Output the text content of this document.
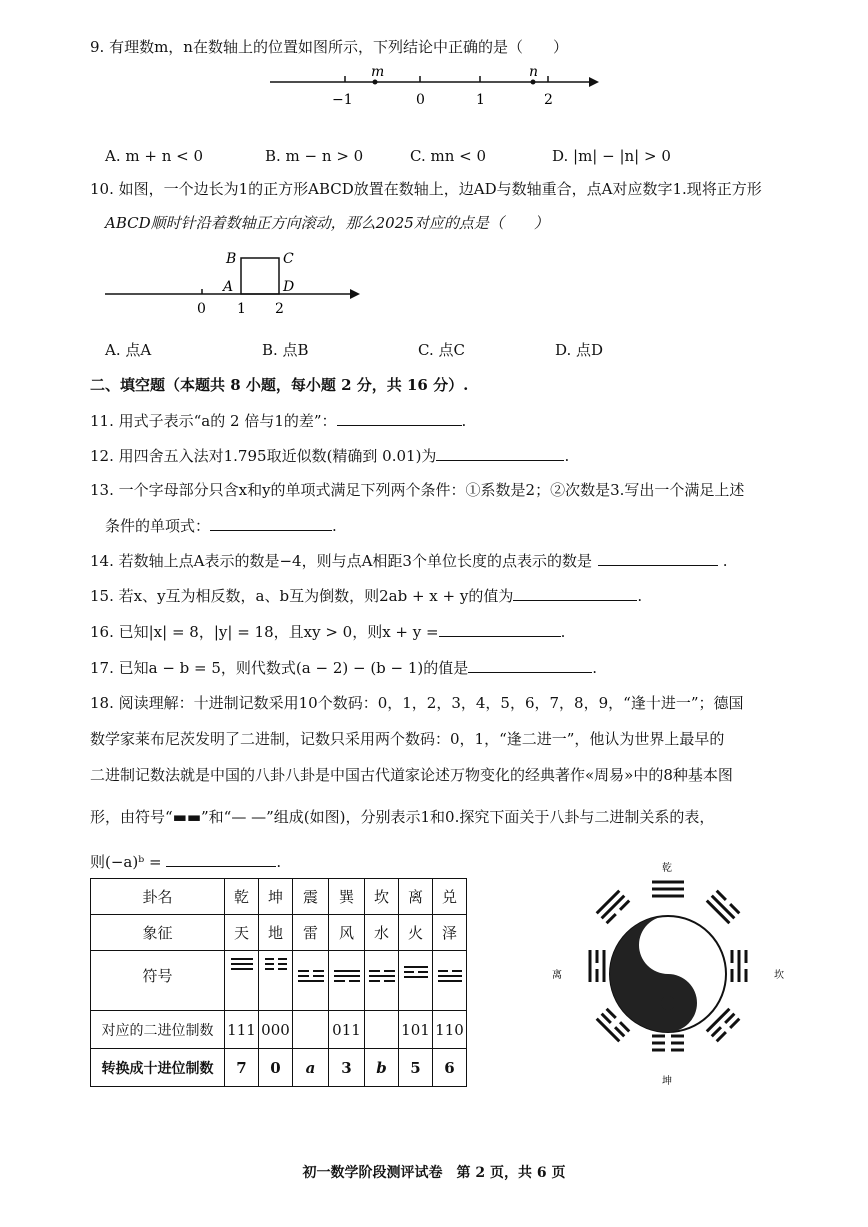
9. 有理数m，n在数轴上的位置如图所示，下列结论中正确的是（　　）
m	n
−1	0	1	2
A. m + n < 0	B. m − n > 0	C. mn < 0	D. |m| − |n| > 0
10. 如图，一个边长为1的正方形ABCD放置在数轴上，边AD与数轴重合，点A对应数字1.现将正方形
ABCD顺时针沿着数轴正方向滚动，那么2025对应的点是（　　）
B	C
A	D
0 1 2
A. 点A	B. 点B	C. 点C	D. 点D
二、填空题（本题共 8 小题，每小题 2 分，共 16 分）.
11. 用式子表示“a的 2 倍与1的差”：	.
12. 用四舍五入法对1.795取近似数(精确到 0.01)为	.
13. 一个字母部分只含x和y的单项式满足下列两个条件：①系数是2；②次数是3.写出一个满足上述
条件的单项式：	.
14. 若数轴上点A表示的数是−4，则与点A相距3个单位长度的点表示的数是	.
15. 若x、y互为相反数，a、b互为倒数，则2ab + x + y的值为	.
16. 已知|x| = 8，|y| = 18，且xy > 0，则x + y =	.
17. 已知a − b = 5，则代数式(a − 2) − (b − 1)的值是	.
18. 阅读理解：十进制记数采用10个数码：0，1，2，3，4，5，6，7，8，9，“逢十进一”；德国
数学家莱布尼茨发明了二进制，记数只采用两个数码：0，1，“逢二进一”，他认为世界上最早的
二进制记数法就是中国的八卦八卦是中国古代道家论述万物变化的经典著作«周易»中的8种基本图
形，由符号“▬▬”和“— —”组成(如图)，分别表示1和0.探究下面关于八卦与二进制关系的表，
则(−a)ᵇ =	.
卦名	乾	坤	震	巽	坎	离	兑
象征	天	地	雷	风	水	火	泽
符号							
对应的二进位制数	111	000		011		101	110
转换成十进位制数	7	0	a	3	b	5	6
乾
离	坎
坤
初一数学阶段测评试卷　第 2 页，共 6 页
